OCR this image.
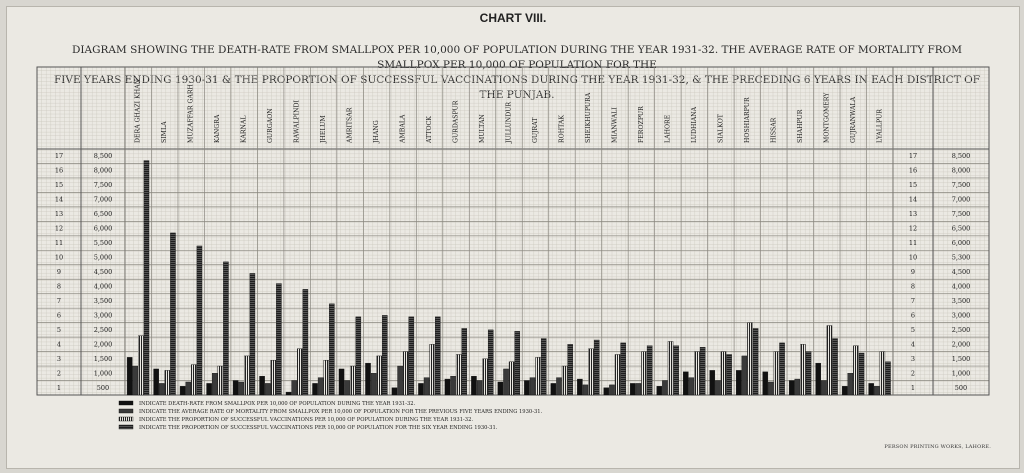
CHART VIII.
DIAGRAM SHOWING THE DEATH-RATE FROM SMALLPOX PER 10,000 OF POPULATION DURING THE YEAR 1931-32. THE AVERAGE RATE OF MORTALITY FROM SMALLPOX PER 10,000 OF POPULATION FOR THE
FIVE YEARS ENDING 1930-31 & THE PROPORTION OF SUCCESSFUL VACCINATIONS DURING THE YEAR 1931-32, & THE PRECEDING 6 YEARS IN EACH DISTRICT OF THE PUNJAB.
DERA GHAZI KHAN	SIMLA	MUZAFFAR GARH	KANGRA	KARNAL	GURGAON	RAWALPINDI	JHELUM	AMRITSAR	JHANG	AMBALA	ATTOCK	GURDASPUR	MULTAN	JULLUNDUR	GUJRAT	ROHTAK	SHEIKHUPURA	MIANWALI	FEROZPUR	LAHORE	LUDHIANA	SIALKOT	HOSHIARPUR	HISSAR	SHAHPUR	MONTGOMERY	GUJRANWALA	LYALLPUR
1
2
3
4
5
6
7
8
9
10
11
12
13
14
15
16
17
500
1,000
1,500
2,000
2,500
3,000
3,500
4,000
4,500
5,000
5,500
6,000
6,500
7,000
7,500
8,000
8,500
1
2
3
4
5
6
7
8
9
10
11
12
13
14
15
16
17
500
1,000
1,500
2,000
2,500
3,000
3,500
4,000
4,500
5,300
6,000
6,500
7,500
7,000
7,500
8,000
8,500
INDICATE DEATH-RATE FROM SMALLPOX PER 10,000 OF POPULATION DURING THE YEAR 1931-32.
INDICATE THE AVERAGE RATE OF MORTALITY FROM SMALLPOX PER 10,000 OF POPULATION FOR THE PREVIOUS FIVE YEARS ENDING 1930-31.
INDICATE THE PROPORTION OF SUCCESSFUL VACCINATIONS PER 10,000 OF POPULATION DURING THE YEAR 1931-32.
INDICATE THE PROPORTION OF SUCCESSFUL VACCINATIONS PER 10,000 OF POPULATION FOR THE SIX YEAR ENDING 1930-31.
PERSON PRINTING WORKS, LAHORE.
